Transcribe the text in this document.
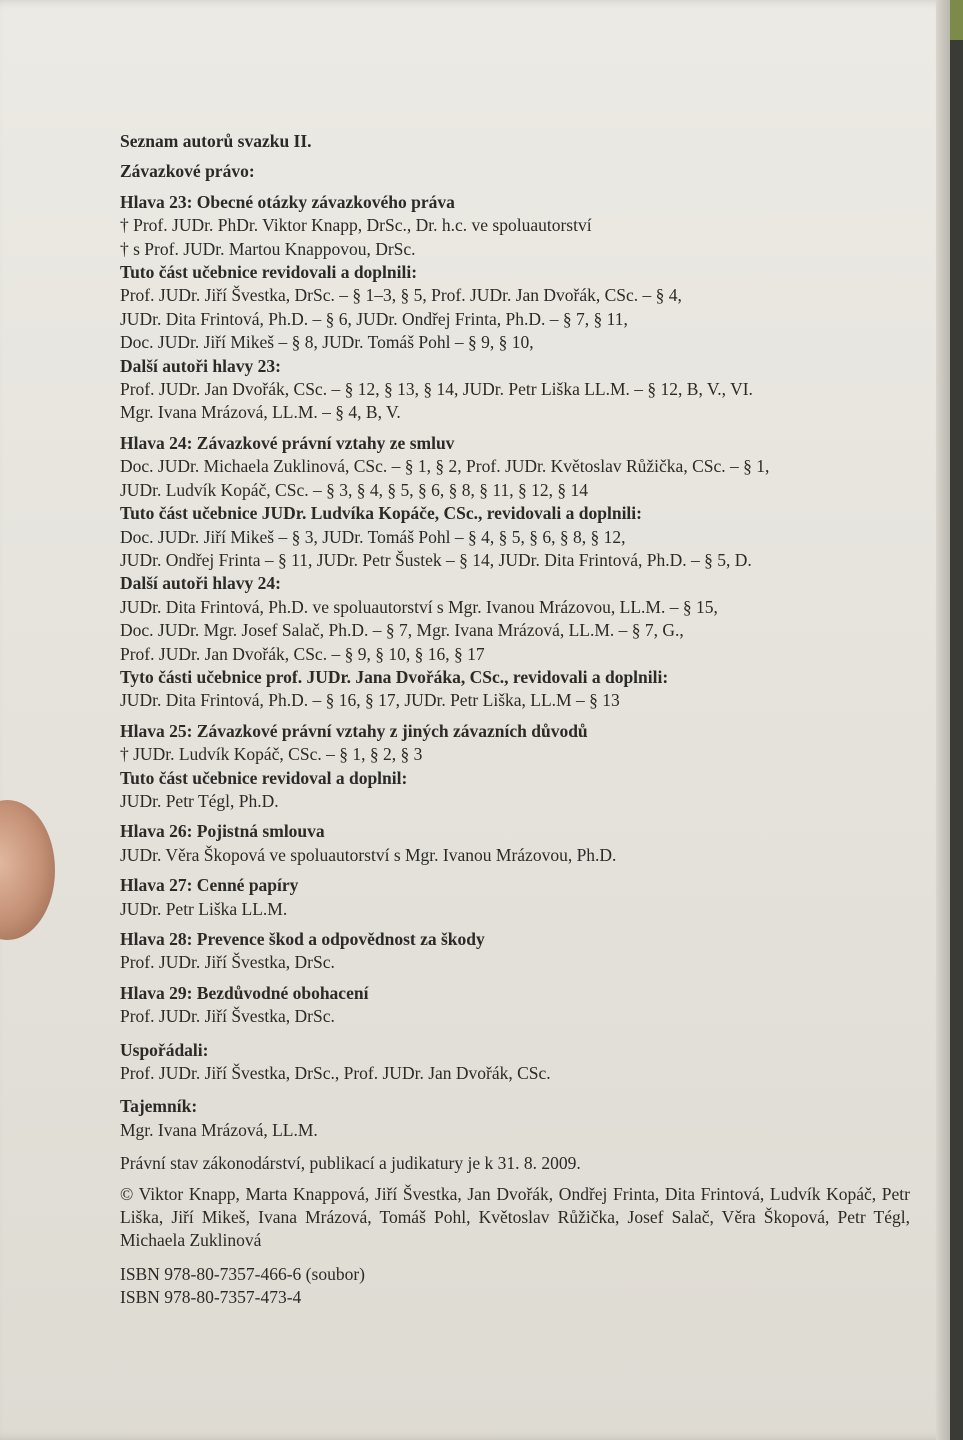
Seznam autorů svazku II.

Závazkové právo:

Hlava 23: Obecné otázky závazkového práva

† Prof. JUDr. PhDr. Viktor Knapp, DrSc., Dr. h.c. ve spoluautorství

† s Prof. JUDr. Martou Knappovou, DrSc.

Tuto část učebnice revidovali a doplnili:

Prof. JUDr. Jiří Švestka, DrSc. – § 1–3, § 5, Prof. JUDr. Jan Dvořák, CSc. – § 4,

JUDr. Dita Frintová, Ph.D. – § 6, JUDr. Ondřej Frinta, Ph.D. – § 7, § 11,

Doc. JUDr. Jiří Mikeš – § 8, JUDr. Tomáš Pohl – § 9, § 10,

Další autoři hlavy 23:

Prof. JUDr. Jan Dvořák, CSc. – § 12, § 13, § 14, JUDr. Petr Liška LL.M. – § 12, B, V., VI.

Mgr. Ivana Mrázová, LL.M. – § 4, B, V.

Hlava 24: Závazkové právní vztahy ze smluv

Doc. JUDr. Michaela Zuklinová, CSc. – § 1, § 2, Prof. JUDr. Květoslav Růžička, CSc. – § 1,

JUDr. Ludvík Kopáč, CSc. – § 3, § 4, § 5, § 6, § 8, § 11, § 12, § 14

Tuto část učebnice JUDr. Ludvíka Kopáče, CSc., revidovali a doplnili:

Doc. JUDr. Jiří Mikeš – § 3, JUDr. Tomáš Pohl – § 4, § 5, § 6, § 8, § 12,

JUDr. Ondřej Frinta – § 11, JUDr. Petr Šustek – § 14, JUDr. Dita Frintová, Ph.D. – § 5, D.

Další autoři hlavy 24:

JUDr. Dita Frintová, Ph.D. ve spoluautorství s Mgr. Ivanou Mrázovou, LL.M. – § 15,

Doc. JUDr. Mgr. Josef Salač, Ph.D. – § 7, Mgr. Ivana Mrázová, LL.M. – § 7, G.,

Prof. JUDr. Jan Dvořák, CSc. – § 9, § 10, § 16, § 17

Tyto části učebnice prof. JUDr. Jana Dvořáka, CSc., revidovali a doplnili:

JUDr. Dita Frintová, Ph.D. – § 16, § 17, JUDr. Petr Liška, LL.M – § 13

Hlava 25: Závazkové právní vztahy z jiných závazních důvodů

† JUDr. Ludvík Kopáč, CSc. – § 1, § 2, § 3

Tuto část učebnice revidoval a doplnil:

JUDr. Petr Tégl, Ph.D.

Hlava 26: Pojistná smlouva

JUDr. Věra Škopová ve spoluautorství s Mgr. Ivanou Mrázovou, Ph.D.

Hlava 27: Cenné papíry

JUDr. Petr Liška LL.M.

Hlava 28: Prevence škod a odpovědnost za škody

Prof. JUDr. Jiří Švestka, DrSc.

Hlava 29: Bezdůvodné obohacení

Prof. JUDr. Jiří Švestka, DrSc.

Uspořádali:

Prof. JUDr. Jiří Švestka, DrSc., Prof. JUDr. Jan Dvořák, CSc.

Tajemník:

Mgr. Ivana Mrázová, LL.M.

Právní stav zákonodárství, publikací a judikatury je k 31. 8. 2009.

© Viktor Knapp, Marta Knappová, Jiří Švestka, Jan Dvořák, Ondřej Frinta, Dita Frintová, Ludvík Kopáč, Petr Liška, Jiří Mikeš, Ivana Mrázová, Tomáš Pohl, Květoslav Růžička, Josef Salač, Věra Škopová, Petr Tégl, Michaela Zuklinová

ISBN 978-80-7357-466-6 (soubor)

ISBN 978-80-7357-473-4
